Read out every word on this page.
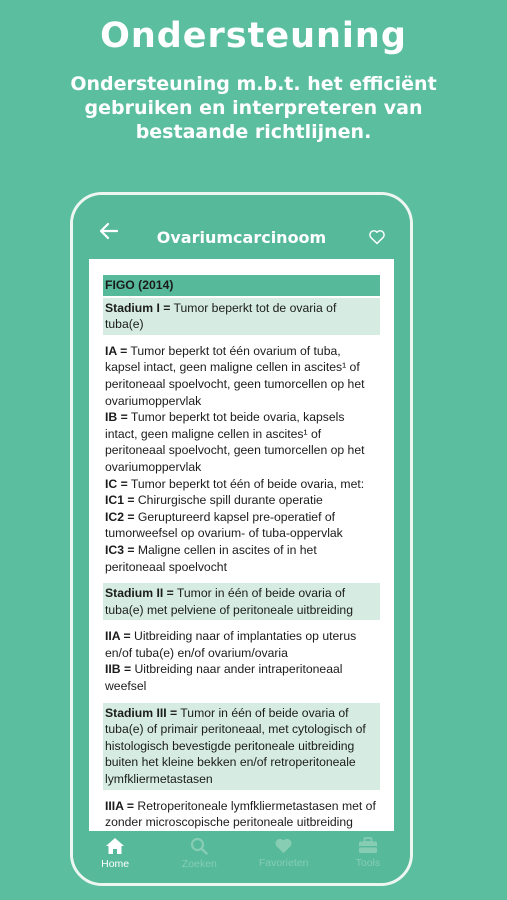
Ondersteuning
Ondersteuning m.b.t. het efficiënt gebruiken en interpreteren van bestaande richtlijnen.
Ovariumcarcinoom
FIGO (2014)
Stadium I = Tumor beperkt tot de ovaria of tuba(e)
IA = Tumor beperkt tot één ovarium of tuba, kapsel intact, geen maligne cellen in ascites¹ of peritoneaal spoelvocht, geen tumorcellen op het ovariumoppervlak
IB = Tumor beperkt tot beide ovaria, kapsels intact, geen maligne cellen in ascites¹ of peritoneaal spoelvocht, geen tumorcellen op het ovariumoppervlak
IC = Tumor beperkt tot één of beide ovaria, met:
IC1 = Chirurgische spill durante operatie
IC2 = Geruptureerd kapsel pre-operatief of tumorweefsel op ovarium- of tuba-oppervlak
IC3 = Maligne cellen in ascites of in het peritoneaal spoelvocht
Stadium II = Tumor in één of beide ovaria of tuba(e) met pelviene of peritoneale uitbreiding
IIA = Uitbreiding naar of implantaties op uterus en/of tuba(e) en/of ovarium/ovaria
IIB = Uitbreiding naar ander intraperitoneaal weefsel
Stadium III = Tumor in één of beide ovaria of tuba(e) of primair peritoneaal, met cytologisch of histologisch bevestigde peritoneale uitbreiding buiten het kleine bekken en/of retroperitoneale lymfkliermetastasen
IIIA = Retroperitoneale lymfkliermetastasen met of zonder microscopische peritoneale uitbreiding
Home	Zoeken	Favorieten	Tools
